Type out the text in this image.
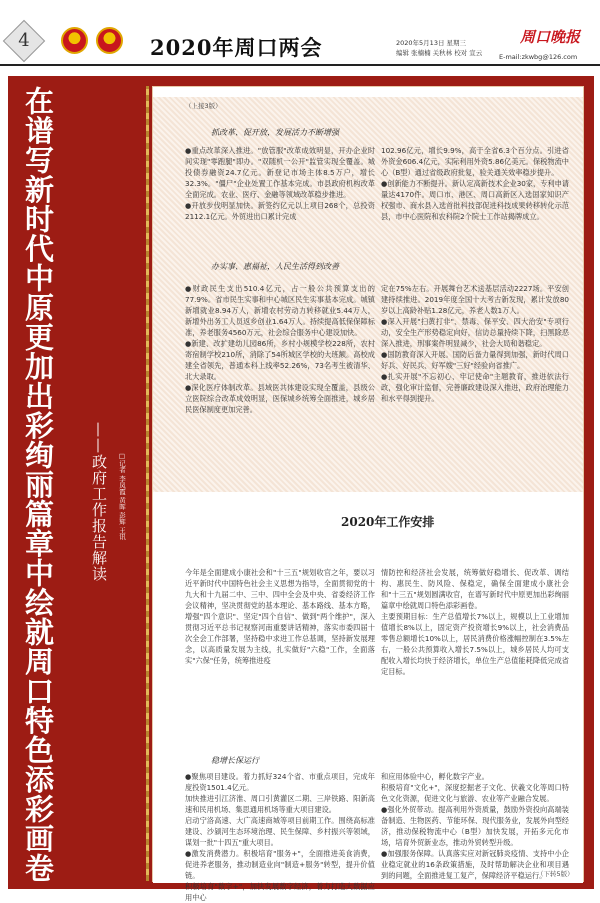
4	2020年周口两会	2020年5月13日 星期三
编辑 张楠楠 关秋林 校对 宣云
周口晚报
E-mail:zkwbg@126.com
在谱写新时代中原更加出彩绚丽篇章中绘就周口特色添彩画卷	——政府工作报告解读	□记者 李凤霞 黄晖 彭辉 王讯
（上接3版）
抓改革、促开放，发展活力不断增强

●重点改革深入推进。"放管服"改革成效明显，开办企业时间实现"零跑腿"即办。"双随机一公开"监管实现全覆盖。城投债券融资24.7亿元。新登记市场主体8.5万户，增长32.3%。"僵尸"企业处置工作基本完成。市县政府机构改革全面完成。农业、医疗、金融等领域改革稳步推进。

●开放步伐明显加快。新签约亿元以上项目268个，总投资2112.1亿元。外贸进出口累计完成

102.96亿元，增长9.9%，高于全省6.3个百分点。引进省外资金606.4亿元，实际利用外资5.86亿美元。保税物流中心（B型）通过省级政府批复，验关通关效率稳步提升。

●创新能力不断提升。新认定高新技术企业30家，专利申请量达4170件。周口市、港区、周口高新区入选国家知识产权强市、商水县入选首批科技部促进科技成果转移转化示范县，市中心医院和农科院2个院士工作站揭牌成立。

办实事、惠福祉，人民生活得到改善

●财政民生支出510.4亿元，占一般公共预算支出的77.9%。省市民生实事和中心城区民生实事基本完成。城镇新增就业8.94万人，新增农村劳动力转移就业5.44万人，新增外出务工人员返乡创业1.64万人。持续提高低保保障标准，养老服务4560万元，社会综合服务中心建设加快。

●新建、改扩建幼儿园86所，乡村小规模学校228所，农村寄宿制学校210所，消除了54所城区学校的大班额。高校成建全省领先，普通本科上线率52.26%，73名考生被清华、北大录取。

●深化医疗体制改革。县域医共体建设实现全覆盖，县级公立医院综合改革成效明显，医保城乡统筹全面推进，城乡居民医保制度更加完善。

定在75%左右。开展舞台艺术送基层活动2227场。平安创建持续推进。2019年度全国十大考古新发现，累计发放80岁以上高龄补贴1.28亿元，养老人数1万人。

●深入开展"扫黄打非"、禁毒、保平安、四大治安"专项行动，安全生产形势稳定向好，信访总量持续下降，扫黑除恶深入推进，刑事案件明显减少，社会大局和谐稳定。

●国防教育深入开展。国防后备力量得到加强，新时代周口好兵、好民兵、好军嫂"三好"经验向省推广。

●扎实开展"不忘初心、牢记使命"主题教育，推进依法行政，强化审计监督，完善廉政建设深入推进，政府治理能力和水平得到提升。

2020年工作安排

今年是全面建成小康社会和"十三五"规划收官之年，要以习近平新时代中国特色社会主义思想为指导，全面贯彻党的十九大和十九届二中、三中、四中全会及中央、省委经济工作会议精神，坚决贯彻党的基本理论、基本路线、基本方略，增强"四个意识"、坚定"四个自信"、做到"两个维护"，深入贯彻习近平总书记视察河南重要讲话精神，落实市委四届十次全会工作部署，坚持稳中求进工作总基调，坚持新发展理念，以高质量发展为主线，扎实做好"六稳"工作，全面落实"六保"任务，统筹推进疫

情防控和经济社会发展，统筹做好稳增长、促改革、调结构、惠民生、防风险、保稳定，确保全面建成小康社会和"十三五"规划圆满收官，在谱写新时代中原更加出彩绚丽篇章中绘就周口特色添彩画卷。

主要预期目标：生产总值增长7%以上，规模以上工业增加值增长8%以上，固定资产投资增长9%以上，社会消费品零售总额增长10%以上，居民消费价格涨幅控制在3.5%左右，一般公共预算收入增长7.5%以上，城乡居民人均可支配收入增长均快于经济增长，单位生产总值能耗降低完成省定目标。

稳增长保运行

●聚焦项目建设。着力抓好324个省、市重点项目，完成年度投资1501.4亿元。

加快推进引江济淮、周口引黄灌区二期、三岸铁路、阳新高速和民用机场、集思通用机场等重大项目建设。

启动宁洛高速、大广高速商城等项目前期工作。围绕高标准建设、沙颍河生态环境治理、民生保障、乡村振兴等领域，谋划一批"十四五"重大项目。

●激发消费潜力。积极培育"服务+"，全面推进美食消费，促进养老服务，推动制造业向"制造+服务"转型，提升价值链。

积极培育"数字+"，加快发展数字经济，着力打造大数据应用中心

和应用体验中心，孵化数字产业。

积极培育"文化+"，深度挖掘老子文化、伏羲文化等周口特色文化资源，促进文化与旅游、农业等产业融合发展。

●强化外贸带动。提高利用外资质量，鼓励外资投向高端装备制造、生物医药、节能环保、现代服务业，发展外向型经济，推动保税物流中心（B型）加快发展，开拓多元化市场，培育外贸新业态，推动外贸转型升级。

●加强服务保障。认真落实应对新冠肺炎疫情、支持中小企业稳定就业的16条政策措施，及时帮助解决企业和项目遇到的问题，全面推进复工复产，保障经济平稳运行。

（下转5版）
